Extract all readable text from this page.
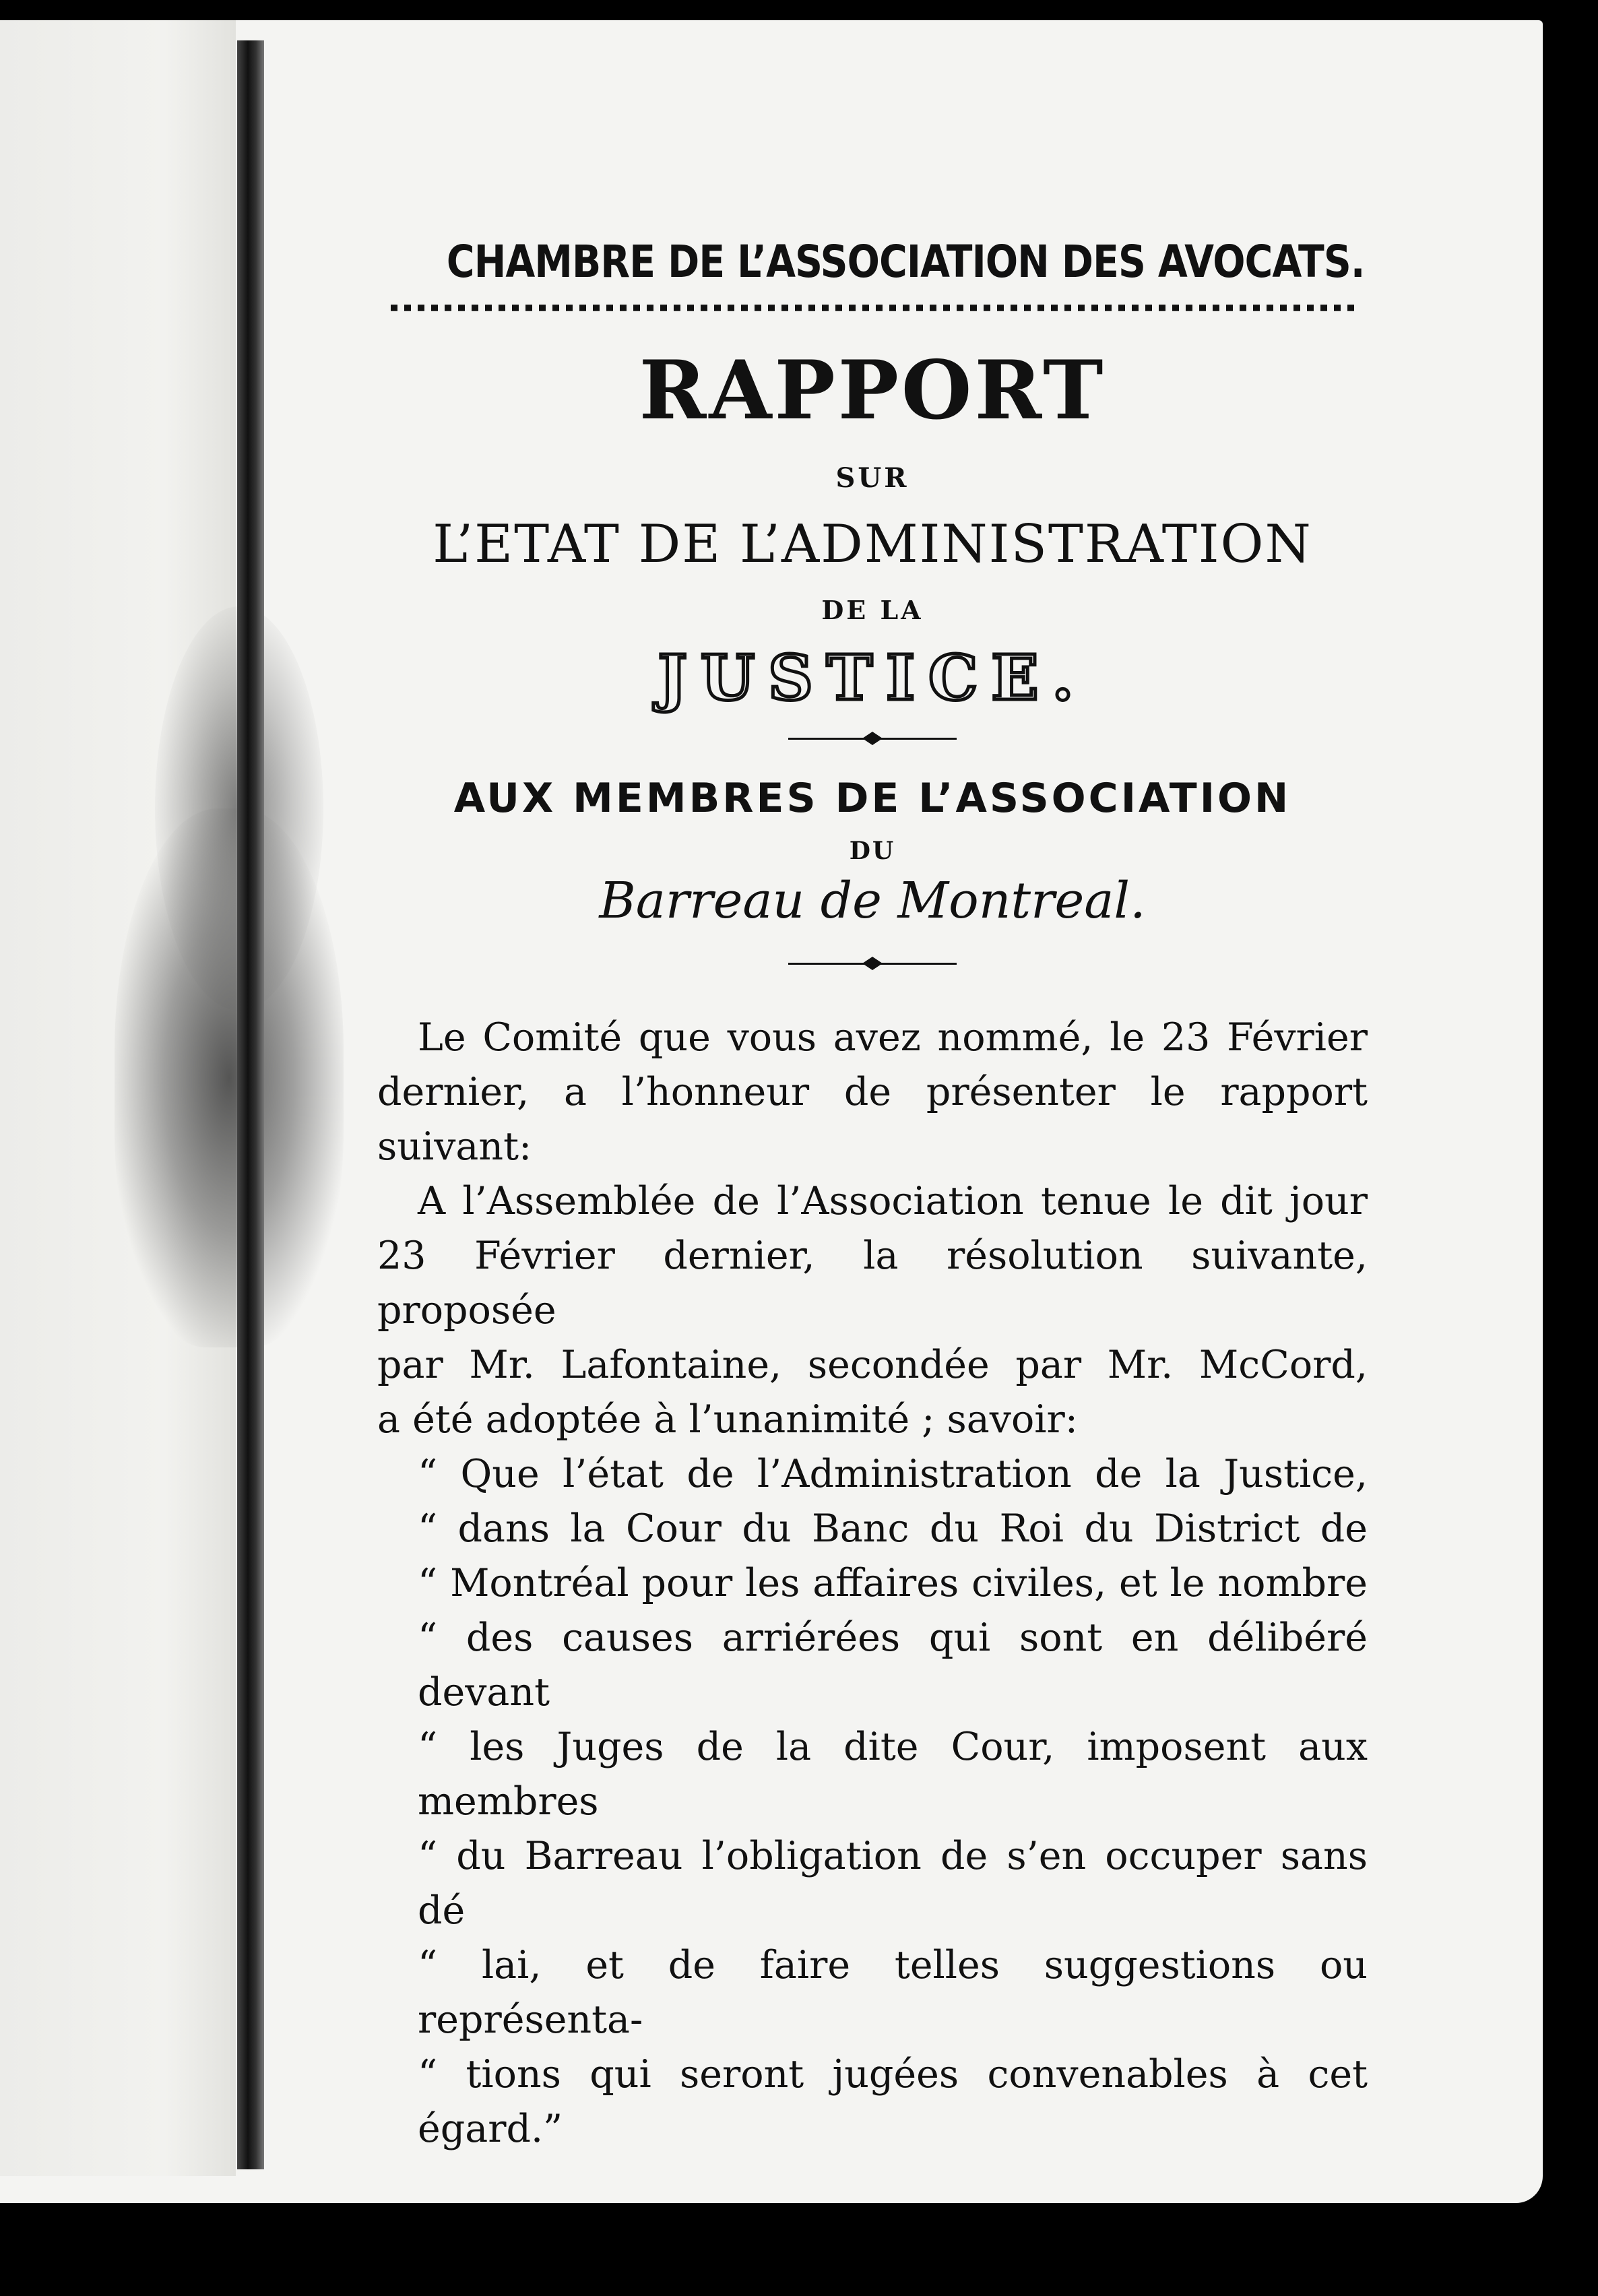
CHAMBRE DE L’ASSOCIATION DES AVOCATS.
RAPPORT
SUR
L’ETAT DE L’ADMINISTRATION
DE LA
JUSTICE.
AUX MEMBRES DE L’ASSOCIATION
DU
Barreau de Montreal.

Le Comité que vous avez nommé, le 23 Février

dernier, a l’honneur de présenter le rapport suivant:

A l’Assemblée de l’Association tenue le dit jour

23 Février dernier, la résolution suivante, proposée

par Mr. Lafontaine, secondée par Mr. McCord,

a été adoptée à l’unanimité ; savoir:

“ Que l’état de l’Administration de la Justice,

“ dans la Cour du Banc du Roi du District de

“ Montréal pour les affaires civiles, et le nombre

“ des causes arriérées qui sont en délibéré devant

“ les Juges de la dite Cour, imposent aux membres

“ du Barreau l’obligation de s’en occuper sans dé

“ lai, et de faire telles suggestions ou représenta-

“ tions qui seront jugées convenables à cet égard.”
